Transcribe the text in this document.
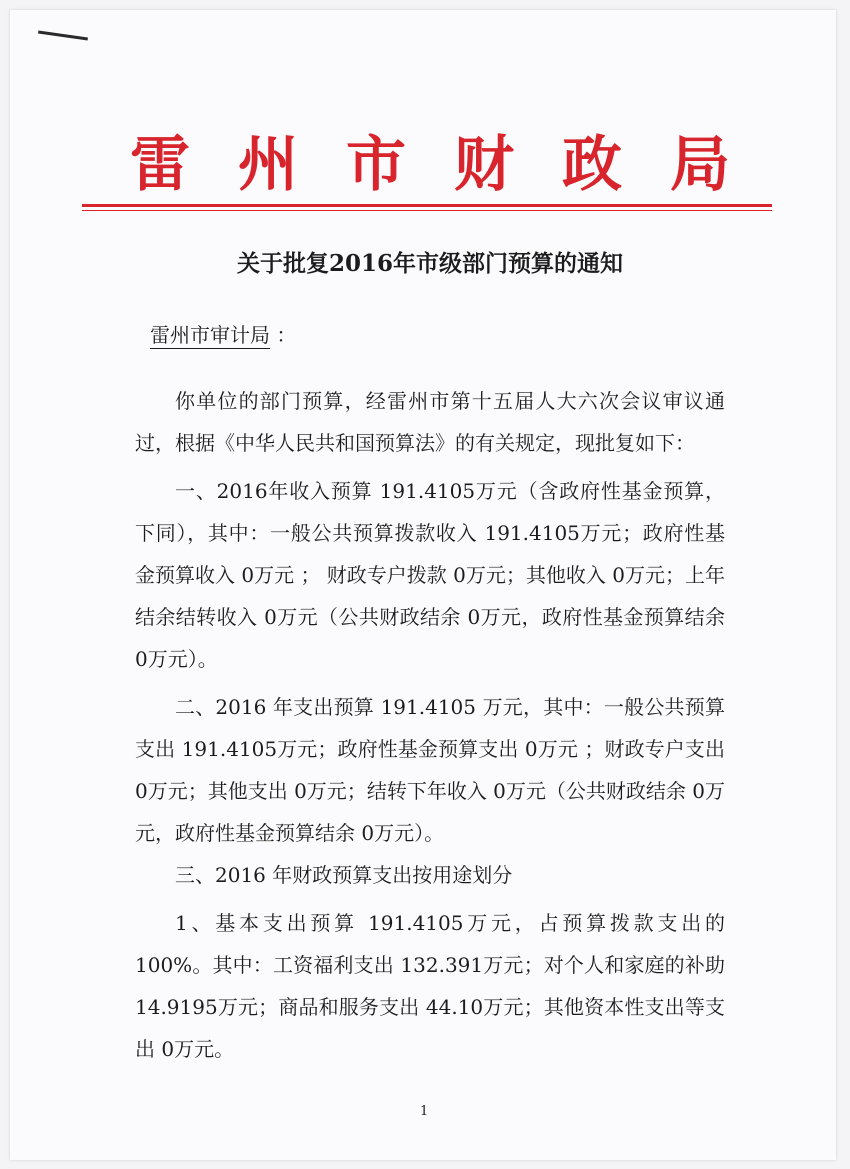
雷 州 市 财 政 局
关于批复2016年市级部门预算的通知
雷州市审计局 ：

你单位的部门预算，经雷州市第十五届人大六次会议审议通过，根据《中华人民共和国预算法》的有关规定，现批复如下：

一、2016年收入预算 191.4105万元（含政府性基金预算，下同），其中：一般公共预算拨款收入 191.4105万元；政府性基金预算收入 0万元 ； 财政专户拨款 0万元；其他收入 0万元；上年结余结转收入 0万元（公共财政结余 0万元，政府性基金预算结余 0万元）。

二、2016 年支出预算 191.4105 万元，其中：一般公共预算支出 191.4105万元；政府性基金预算支出 0万元 ；财政专户支出 0万元；其他支出 0万元；结转下年收入 0万元（公共财政结余 0万元，政府性基金预算结余 0万元）。

三、2016 年财政预算支出按用途划分

1、基本支出预算 191.4105万元，占预算拨款支出的 100%。其中：工资福利支出 132.391万元；对个人和家庭的补助 14.9195万元；商品和服务支出 44.10万元；其他资本性支出等支出 0万元。

1
